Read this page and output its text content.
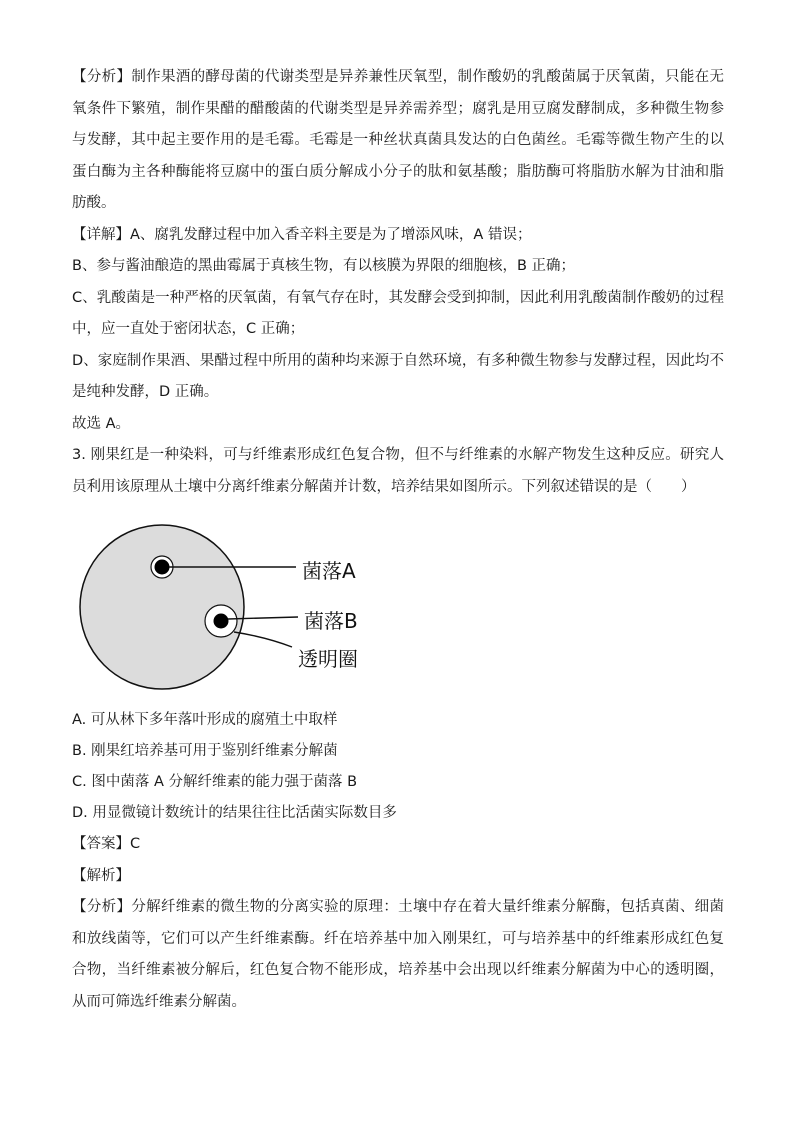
【分析】制作果酒的酵母菌的代谢类型是异养兼性厌氧型，制作酸奶的乳酸菌属于厌氧菌，只能在无氧条件下繁殖，制作果醋的醋酸菌的代谢类型是异养需养型；腐乳是用豆腐发酵制成，多种微生物参与发酵，其中起主要作用的是毛霉。毛霉是一种丝状真菌具发达的白色菌丝。毛霉等微生物产生的以蛋白酶为主各种酶能将豆腐中的蛋白质分解成小分子的肽和氨基酸；脂肪酶可将脂肪水解为甘油和脂肪酸。

【详解】A、腐乳发酵过程中加入香辛料主要是为了增添风味，A 错误；

B、参与酱油酿造的黑曲霉属于真核生物，有以核膜为界限的细胞核，B 正确；

C、乳酸菌是一种严格的厌氧菌，有氧气存在时，其发酵会受到抑制，因此利用乳酸菌制作酸奶的过程中，应一直处于密闭状态，C 正确；

D、家庭制作果酒、果醋过程中所用的菌种均来源于自然环境，有多种微生物参与发酵过程，因此均不是纯种发酵，D 正确。

故选 A。

3. 刚果红是一种染料，可与纤维素形成红色复合物，但不与纤维素的水解产物发生这种反应。研究人员利用该原理从土壤中分离纤维素分解菌并计数，培养结果如图所示。下列叙述错误的是（　　）

菌落A
菌落B
透明圈

A. 可从林下多年落叶形成的腐殖土中取样

B. 刚果红培养基可用于鉴别纤维素分解菌

C. 图中菌落 A 分解纤维素的能力强于菌落 B

D. 用显微镜计数统计的结果往往比活菌实际数目多

【答案】C

【解析】

【分析】分解纤维素的微生物的分离实验的原理：土壤中存在着大量纤维素分解酶，包括真菌、细菌和放线菌等，它们可以产生纤维素酶。纤在培养基中加入刚果红，可与培养基中的纤维素形成红色复合物，当纤维素被分解后，红色复合物不能形成，培养基中会出现以纤维素分解菌为中心的透明圈，从而可筛选纤维素分解菌。
